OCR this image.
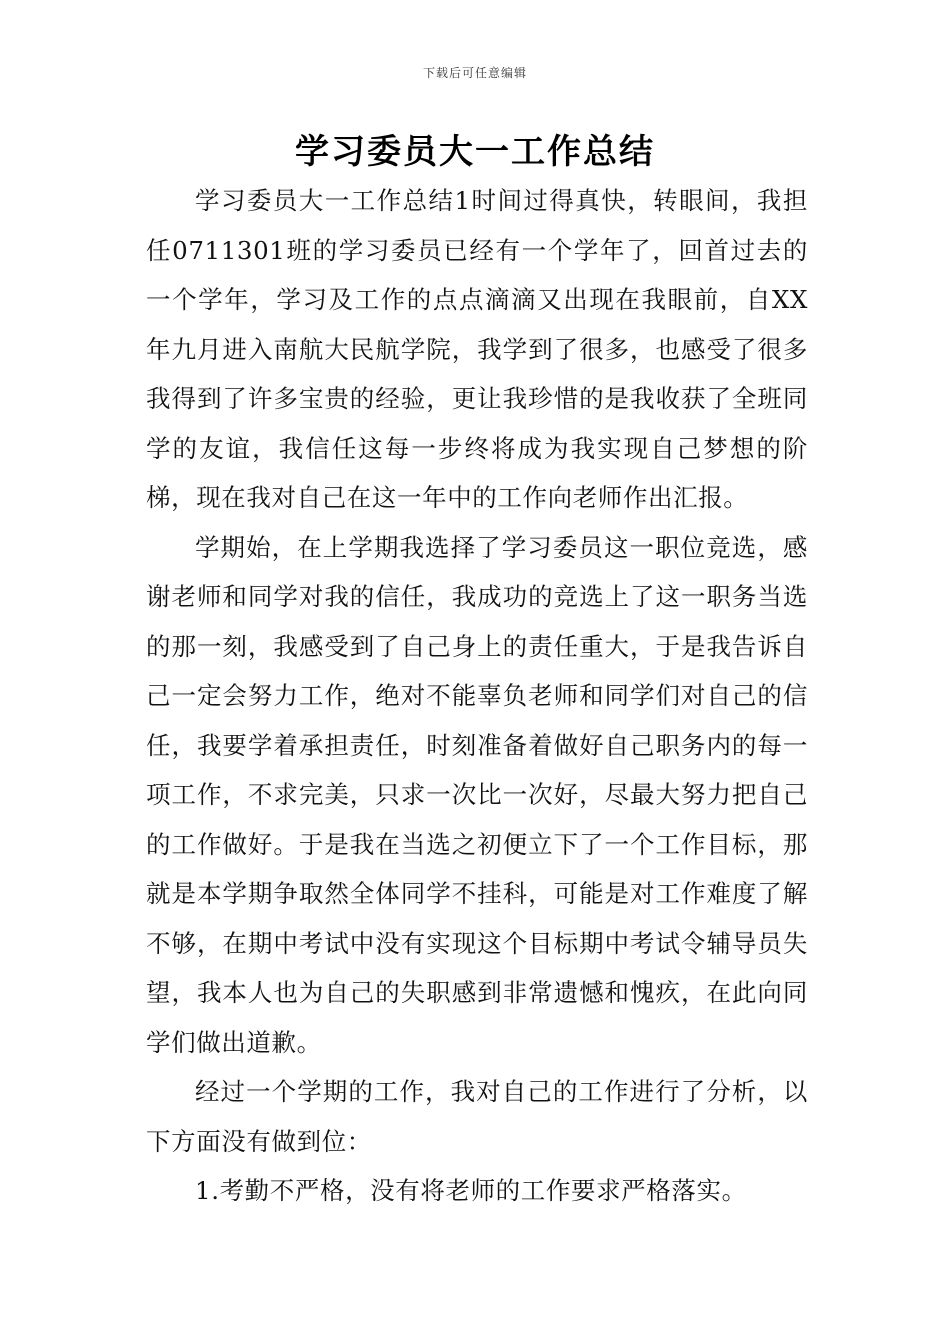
下载后可任意编辑
学习委员大一工作总结

学习委员大一工作总结1时间过得真快，转眼间，我担任0711301班的学习委员已经有一个学年了，回首过去的一个学年，学习及工作的点点滴滴又出现在我眼前，自XX年九月进入南航大民航学院，我学到了很多，也感受了很多我得到了许多宝贵的经验，更让我珍惜的是我收获了全班同学的友谊，我信任这每一步终将成为我实现自己梦想的阶梯，现在我对自己在这一年中的工作向老师作出汇报。

学期始，在上学期我选择了学习委员这一职位竞选，感谢老师和同学对我的信任，我成功的竞选上了这一职务当选的那一刻，我感受到了自己身上的责任重大，于是我告诉自己一定会努力工作，绝对不能辜负老师和同学们对自己的信任，我要学着承担责任，时刻准备着做好自己职务内的每一项工作，不求完美，只求一次比一次好，尽最大努力把自己的工作做好。于是我在当选之初便立下了一个工作目标，那就是本学期争取然全体同学不挂科，可能是对工作难度了解不够，在期中考试中没有实现这个目标期中考试令辅导员失望，我本人也为自己的失职感到非常遗憾和愧疚，在此向同学们做出道歉。

经过一个学期的工作，我对自己的工作进行了分析，以下方面没有做到位：

1.考勤不严格，没有将老师的工作要求严格落实。
